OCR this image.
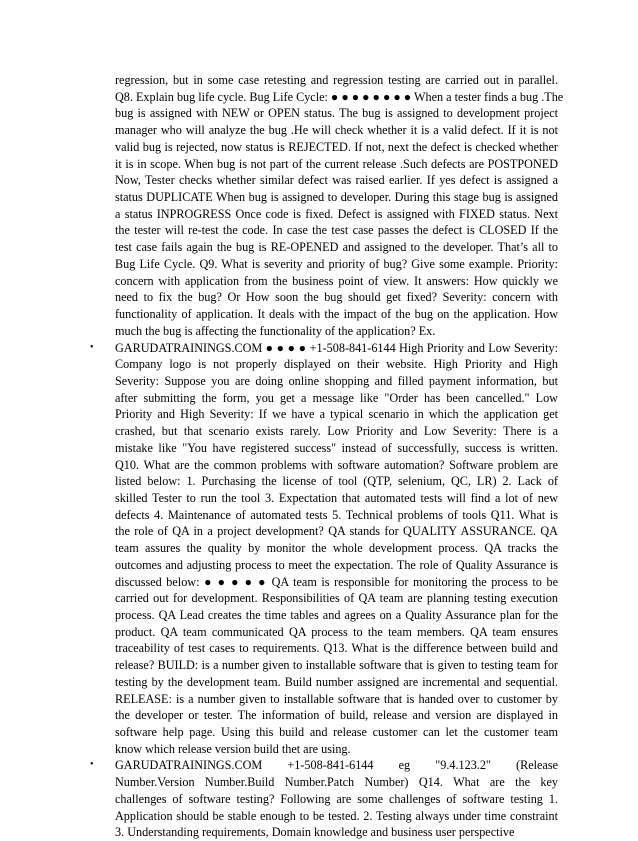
regression, but in some case retesting and regression testing are carried out in parallel.
Q8. Explain bug life cycle. Bug Life Cycle: ● ● ● ● ● ● ● ● When a tester finds a bug .The
bug is assigned with NEW or OPEN status. The bug is assigned to development project
manager who will analyze the bug .He will check whether it is a valid defect. If it is not
valid bug is rejected, now status is REJECTED. If not, next the defect is checked whether
it is in scope. When bug is not part of the current release .Such defects are POSTPONED
Now, Tester checks whether similar defect was raised earlier. If yes defect is assigned a
status DUPLICATE When bug is assigned to developer. During this stage bug is assigned
a status INPROGRESS Once code is fixed. Defect is assigned with FIXED status. Next
the tester will re-test the code. In case the test case passes the defect is CLOSED If the
test case fails again the bug is RE-OPENED and assigned to the developer. That’s all to
Bug Life Cycle. Q9. What is severity and priority of bug? Give some example. Priority:
concern with application from the business point of view. It answers: How quickly we
need to fix the bug? Or How soon the bug should get fixed? Severity: concern with
functionality of application. It deals with the impact of the bug on the application. How
much the bug is affecting the functionality of the application? Ex.
• GARUDATRAININGS.COM ● ● ● ● +1-508-841-6144 High Priority and Low Severity:
Company logo is not properly displayed on their website. High Priority and High
Severity: Suppose you are doing online shopping and filled payment information, but
after submitting the form, you get a message like "Order has been cancelled." Low
Priority and High Severity: If we have a typical scenario in which the application get
crashed, but that scenario exists rarely. Low Priority and Low Severity: There is a
mistake like "You have registered success" instead of successfully, success is written.
Q10. What are the common problems with software automation? Software problem are
listed below: 1. Purchasing the license of tool (QTP, selenium, QC, LR) 2. Lack of
skilled Tester to run the tool 3. Expectation that automated tests will find a lot of new
defects 4. Maintenance of automated tests 5. Technical problems of tools Q11. What is
the role of QA in a project development? QA stands for QUALITY ASSURANCE. QA
team assures the quality by monitor the whole development process. QA tracks the
outcomes and adjusting process to meet the expectation. The role of Quality Assurance is
discussed below: ● ● ● ● ● QA team is responsible for monitoring the process to be
carried out for development. Responsibilities of QA team are planning testing execution
process. QA Lead creates the time tables and agrees on a Quality Assurance plan for the
product. QA team communicated QA process to the team members. QA team ensures
traceability of test cases to requirements. Q13. What is the difference between build and
release? BUILD: is a number given to installable software that is given to testing team for
testing by the development team. Build number assigned are incremental and sequential.
RELEASE: is a number given to installable software that is handed over to customer by
the developer or tester. The information of build, release and version are displayed in
software help page. Using this build and release customer can let the customer team
know which release version build thet are using.
• GARUDATRAININGS.COM +1-508-841-6144 eg "9.4.123.2" (Release
Number.Version Number.Build Number.Patch Number) Q14. What are the key
challenges of software testing? Following are some challenges of software testing 1.
Application should be stable enough to be tested. 2. Testing always under time constraint
3. Understanding requirements, Domain knowledge and business user perspective
